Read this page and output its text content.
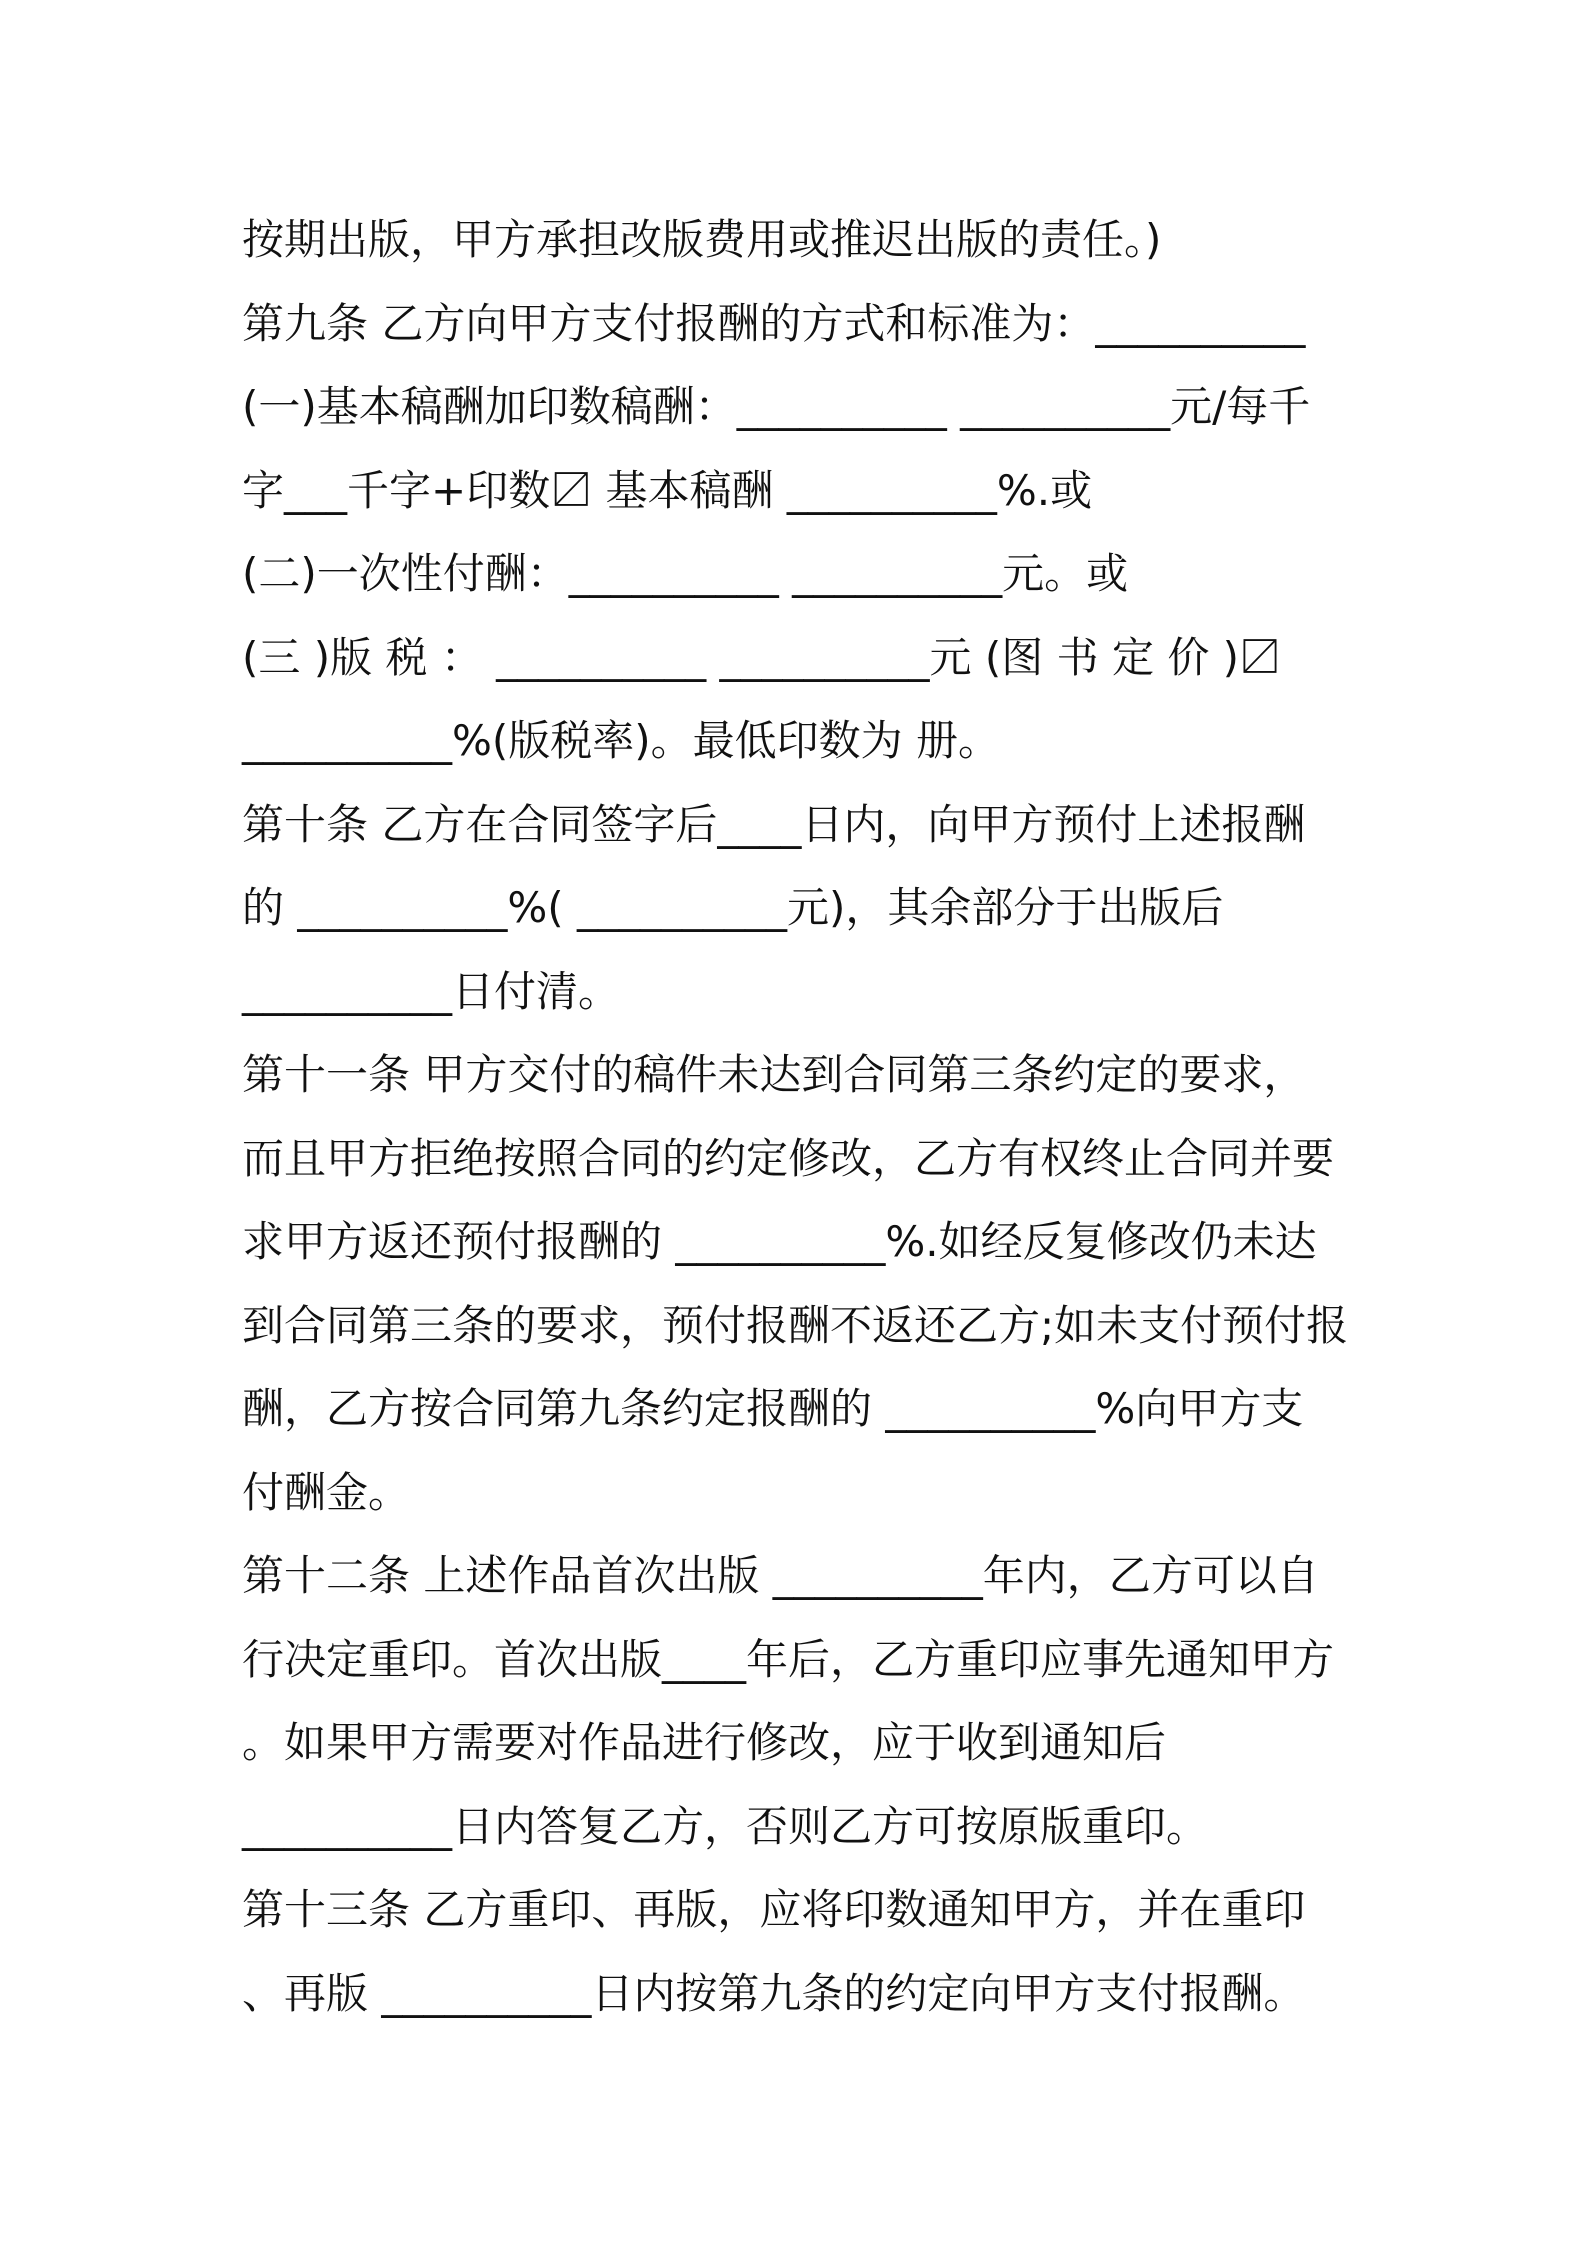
按期出版，甲方承担改版费用或推迟出版的责任。)
第九条 乙方向甲方支付报酬的方式和标准为：__________
(一)基本稿酬加印数稿酬：__________ __________元/每千
字___千字+印数〼 基本稿酬 __________%.或
(二)一次性付酬：__________ __________元。或
(三 )版 税 ： __________ __________元 (图 书 定 价 )〼
__________%(版税率)。最低印数为 册。
第十条 乙方在合同签字后____日内，向甲方预付上述报酬
的 __________%( __________元)，其余部分于出版后
__________日付清。
第十一条 甲方交付的稿件未达到合同第三条约定的要求，
而且甲方拒绝按照合同的约定修改，乙方有权终止合同并要
求甲方返还预付报酬的 __________%.如经反复修改仍未达
到合同第三条的要求，预付报酬不返还乙方;如未支付预付报
酬，乙方按合同第九条约定报酬的 __________%向甲方支
付酬金。
第十二条 上述作品首次出版 __________年内，乙方可以自
行决定重印。首次出版____年后，乙方重印应事先通知甲方
。如果甲方需要对作品进行修改，应于收到通知后
__________日内答复乙方，否则乙方可按原版重印。
第十三条 乙方重印、再版，应将印数通知甲方，并在重印
、再版 __________日内按第九条的约定向甲方支付报酬。
